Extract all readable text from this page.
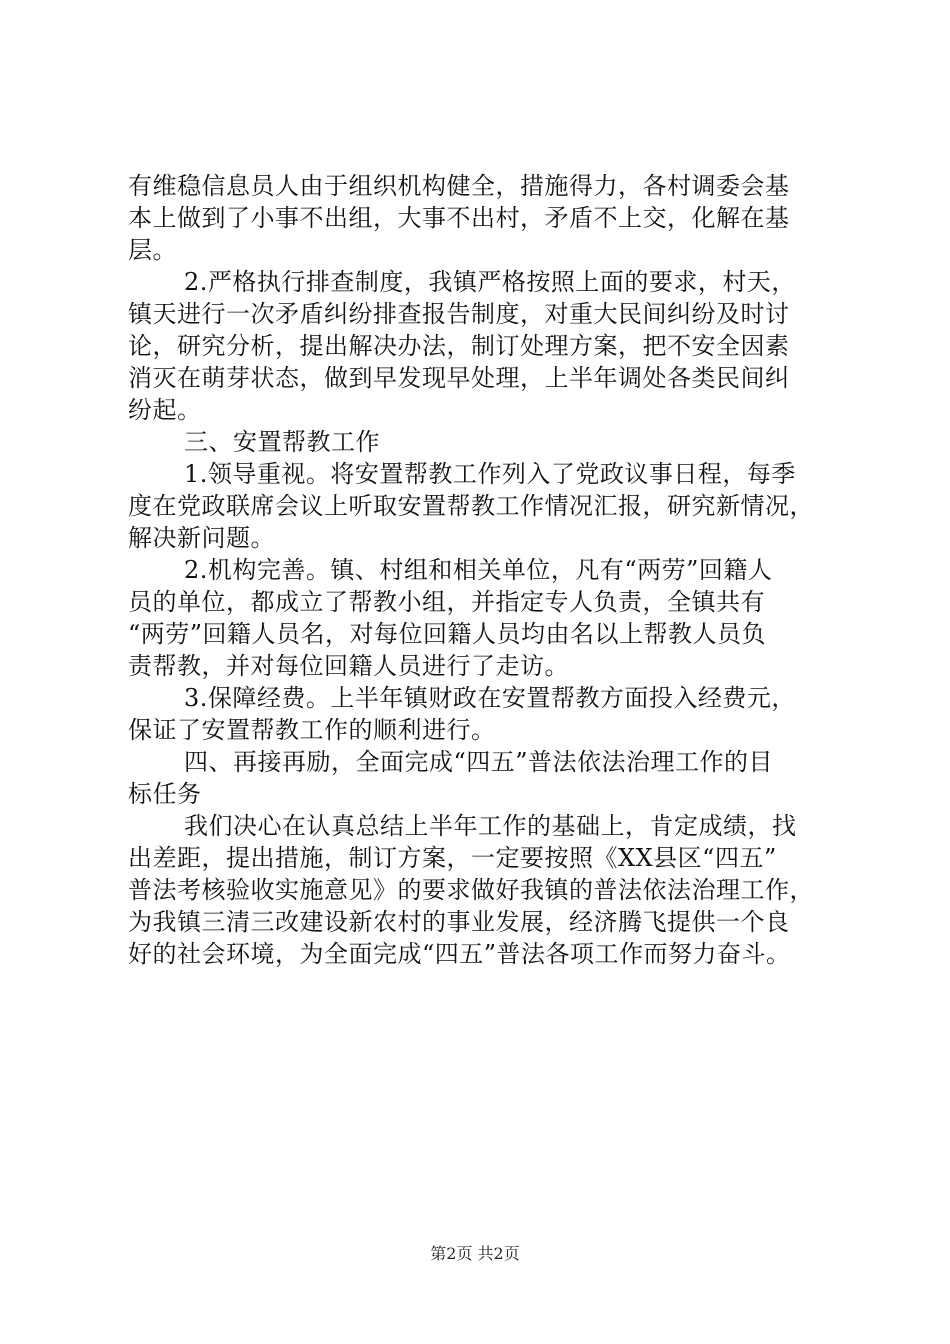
有维稳信息员人由于组织机构健全，措施得力，各村调委会基
本上做到了小事不出组，大事不出村，矛盾不上交，化解在基
层。
2.严格执行排查制度，我镇严格按照上面的要求，村天，
镇天进行一次矛盾纠纷排查报告制度，对重大民间纠纷及时讨
论，研究分析，提出解决办法，制订处理方案，把不安全因素
消灭在萌芽状态，做到早发现早处理，上半年调处各类民间纠
纷起。
三、安置帮教工作
1.领导重视。将安置帮教工作列入了党政议事日程，每季
度在党政联席会议上听取安置帮教工作情况汇报，研究新情况，
解决新问题。
2.机构完善。镇、村组和相关单位，凡有“两劳”回籍人
员的单位，都成立了帮教小组，并指定专人负责，全镇共有
“两劳”回籍人员名，对每位回籍人员均由名以上帮教人员负
责帮教，并对每位回籍人员进行了走访。
3.保障经费。上半年镇财政在安置帮教方面投入经费元，
保证了安置帮教工作的顺利进行。
四、再接再励，全面完成“四五”普法依法治理工作的目
标任务
我们决心在认真总结上半年工作的基础上，肯定成绩，找
出差距，提出措施，制订方案，一定要按照《XX县区“四五”
普法考核验收实施意见》的要求做好我镇的普法依法治理工作，
为我镇三清三改建设新农村的事业发展，经济腾飞提供一个良
好的社会环境，为全面完成“四五”普法各项工作而努力奋斗。
第2页 共2页
